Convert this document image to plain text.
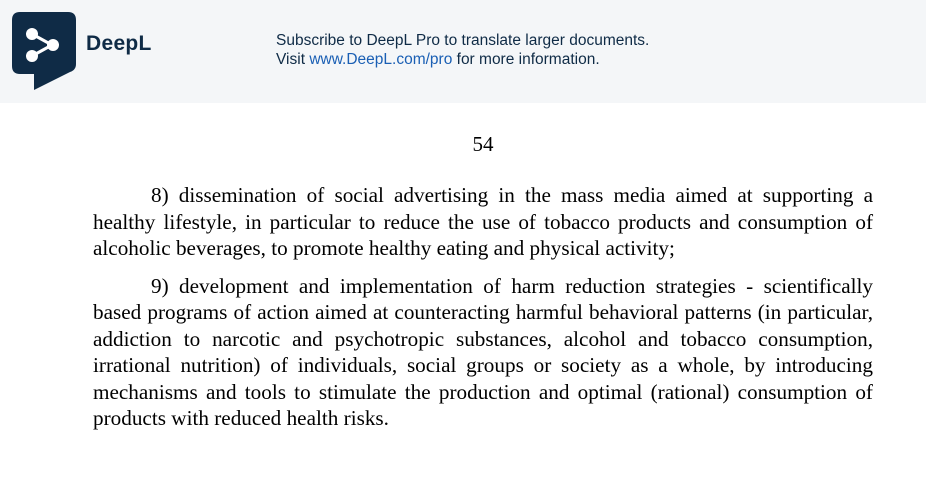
DeepL	Subscribe to DeepL Pro to translate larger documents.
Visit www.DeepL.com/pro for more information.
54

8) dissemination of social advertising in the mass media aimed at supporting a healthy lifestyle, in particular to reduce the use of tobacco products and consumption of alcoholic beverages, to promote healthy eating and physical activity;

9) development and implementation of harm reduction strategies - scientifically based programs of action aimed at counteracting harmful behavioral patterns (in particular, addiction to narcotic and psychotropic substances, alcohol and tobacco consumption, irrational nutrition) of individuals, social groups or society as a whole, by introducing mechanisms and tools to stimulate the production and optimal (rational) consumption of products with reduced health risks.
